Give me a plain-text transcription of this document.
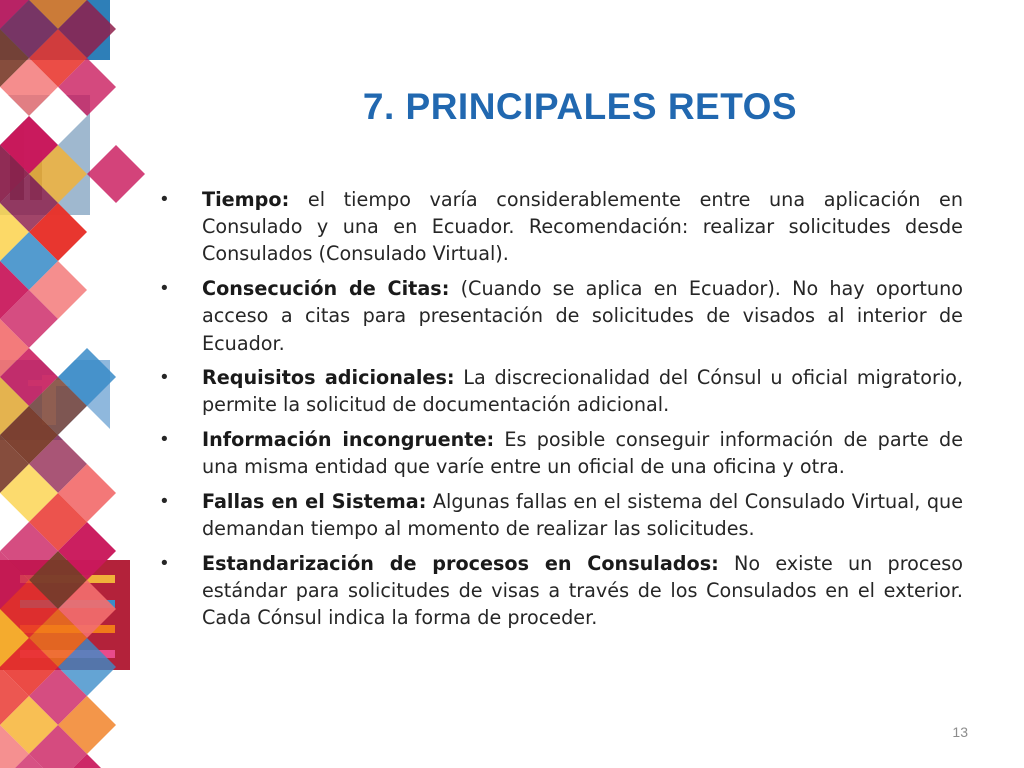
7. PRINCIPALES RETOS
•	Tiempo: el tiempo varía considerablemente entre una aplicación en Consulado y una en Ecuador. Recomendación: realizar solicitudes desde Consulados (Consulado Virtual).
•	Consecución de Citas: (Cuando se aplica en Ecuador). No hay oportuno acceso a citas para presentación de solicitudes de visados al interior de Ecuador.
•	Requisitos adicionales: La discrecionalidad del Cónsul u oficial migratorio, permite la solicitud de documentación adicional.
•	Información incongruente: Es posible conseguir información de parte de una misma entidad que varíe entre un oficial de una oficina y otra.
•	Fallas en el Sistema: Algunas fallas en el sistema del Consulado Virtual, que demandan tiempo al momento de realizar las solicitudes.
•	Estandarización de procesos en Consulados: No existe un proceso estándar para solicitudes de visas a través de los Consulados en el exterior. Cada Cónsul indica la forma de proceder.
13
